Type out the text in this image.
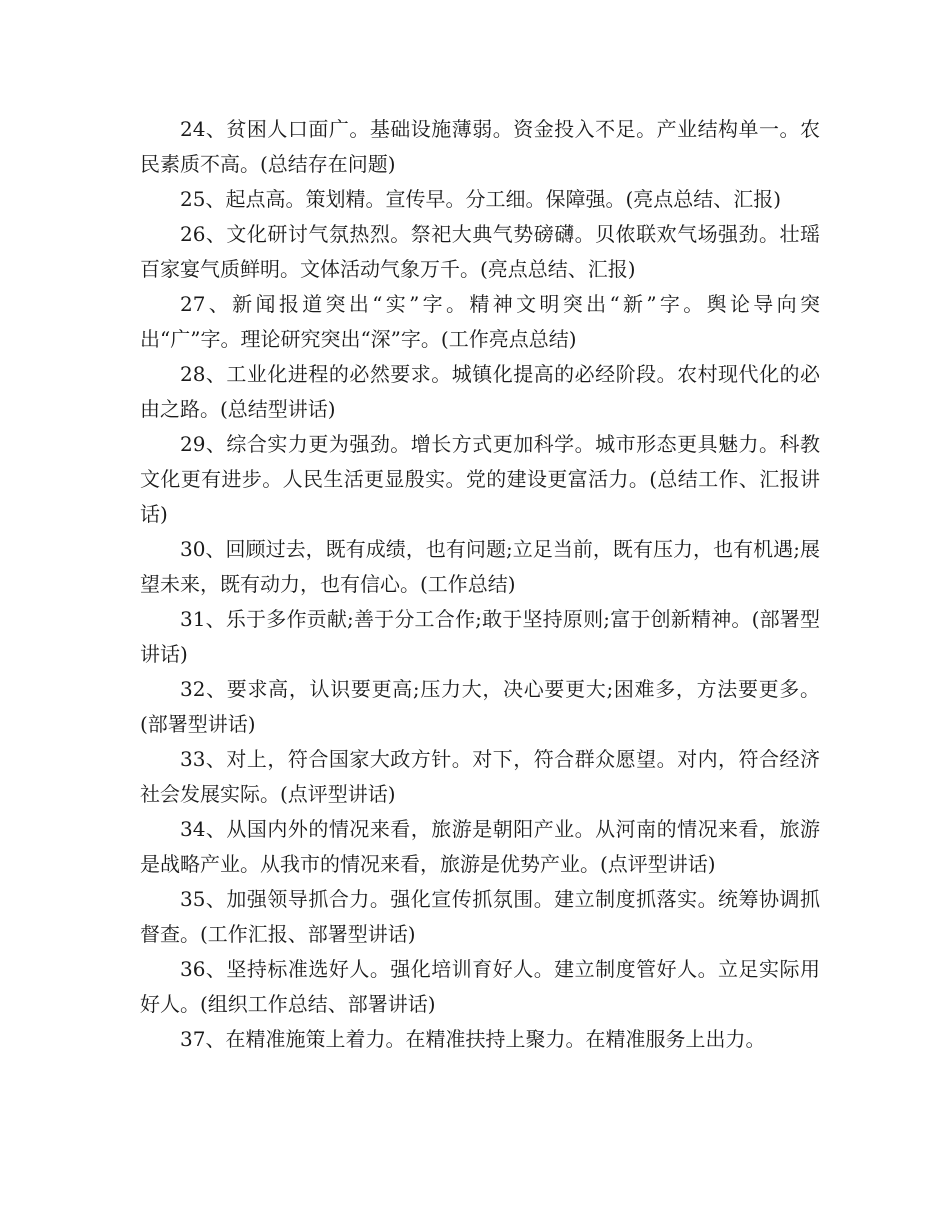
24、贫困人口面广。基础设施薄弱。资金投入不足。产业结构单一。农民素质不高。(总结存在问题)

25、起点高。策划精。宣传早。分工细。保障强。(亮点总结、汇报)

26、文化研讨气氛热烈。祭祀大典气势磅礴。贝侬联欢气场强劲。壮瑶百家宴气质鲜明。文体活动气象万千。(亮点总结、汇报)

27、新闻报道突出“实”字。精神文明突出“新”字。舆论导向突出“广”字。理论研究突出“深”字。(工作亮点总结)

28、工业化进程的必然要求。城镇化提高的必经阶段。农村现代化的必由之路。(总结型讲话)

29、综合实力更为强劲。增长方式更加科学。城市形态更具魅力。科教文化更有进步。人民生活更显殷实。党的建设更富活力。(总结工作、汇报讲话)

30、回顾过去，既有成绩，也有问题;立足当前，既有压力，也有机遇;展望未来，既有动力，也有信心。(工作总结)

31、乐于多作贡献;善于分工合作;敢于坚持原则;富于创新精神。(部署型讲话)

32、要求高，认识要更高;压力大，决心要更大;困难多，方法要更多。(部署型讲话)

33、对上，符合国家大政方针。对下，符合群众愿望。对内，符合经济社会发展实际。(点评型讲话)

34、从国内外的情况来看，旅游是朝阳产业。从河南的情况来看，旅游是战略产业。从我市的情况来看，旅游是优势产业。(点评型讲话)

35、加强领导抓合力。强化宣传抓氛围。建立制度抓落实。统筹协调抓督查。(工作汇报、部署型讲话)

36、坚持标准选好人。强化培训育好人。建立制度管好人。立足实际用好人。(组织工作总结、部署讲话)

37、在精准施策上着力。在精准扶持上聚力。在精准服务上出力。
